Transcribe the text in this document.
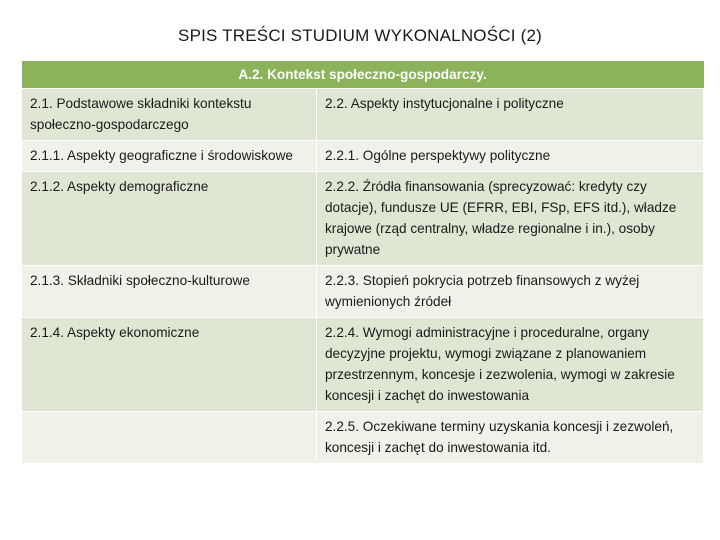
SPIS TREŚCI STUDIUM WYKONALNOŚCI (2)
A.2. Kontekst społeczno-gospodarczy.	
2.1. Podstawowe składniki kontekstu społeczno-gospodarczego	2.2. Aspekty instytucjonalne i polityczne
2.1.1. Aspekty geograficzne i środowiskowe	2.2.1. Ogólne perspektywy polityczne
2.1.2. Aspekty demograficzne	2.2.2. Źródła finansowania (sprecyzować: kredyty czy dotacje), fundusze UE (EFRR, EBI, FSp, EFS itd.), władze krajowe (rząd centralny, władze regionalne i in.), osoby prywatne
2.1.3. Składniki społeczno-kulturowe	2.2.3. Stopień pokrycia potrzeb finansowych z wyżej wymienionych źródeł
2.1.4. Aspekty ekonomiczne	2.2.4. Wymogi administracyjne i proceduralne, organy decyzyjne projektu, wymogi związane z planowaniem przestrzennym, koncesje i zezwolenia, wymogi w zakresie koncesji i zachęt do inwestowania
	2.2.5. Oczekiwane terminy uzyskania koncesji i zezwoleń, koncesji i zachęt do inwestowania itd.
